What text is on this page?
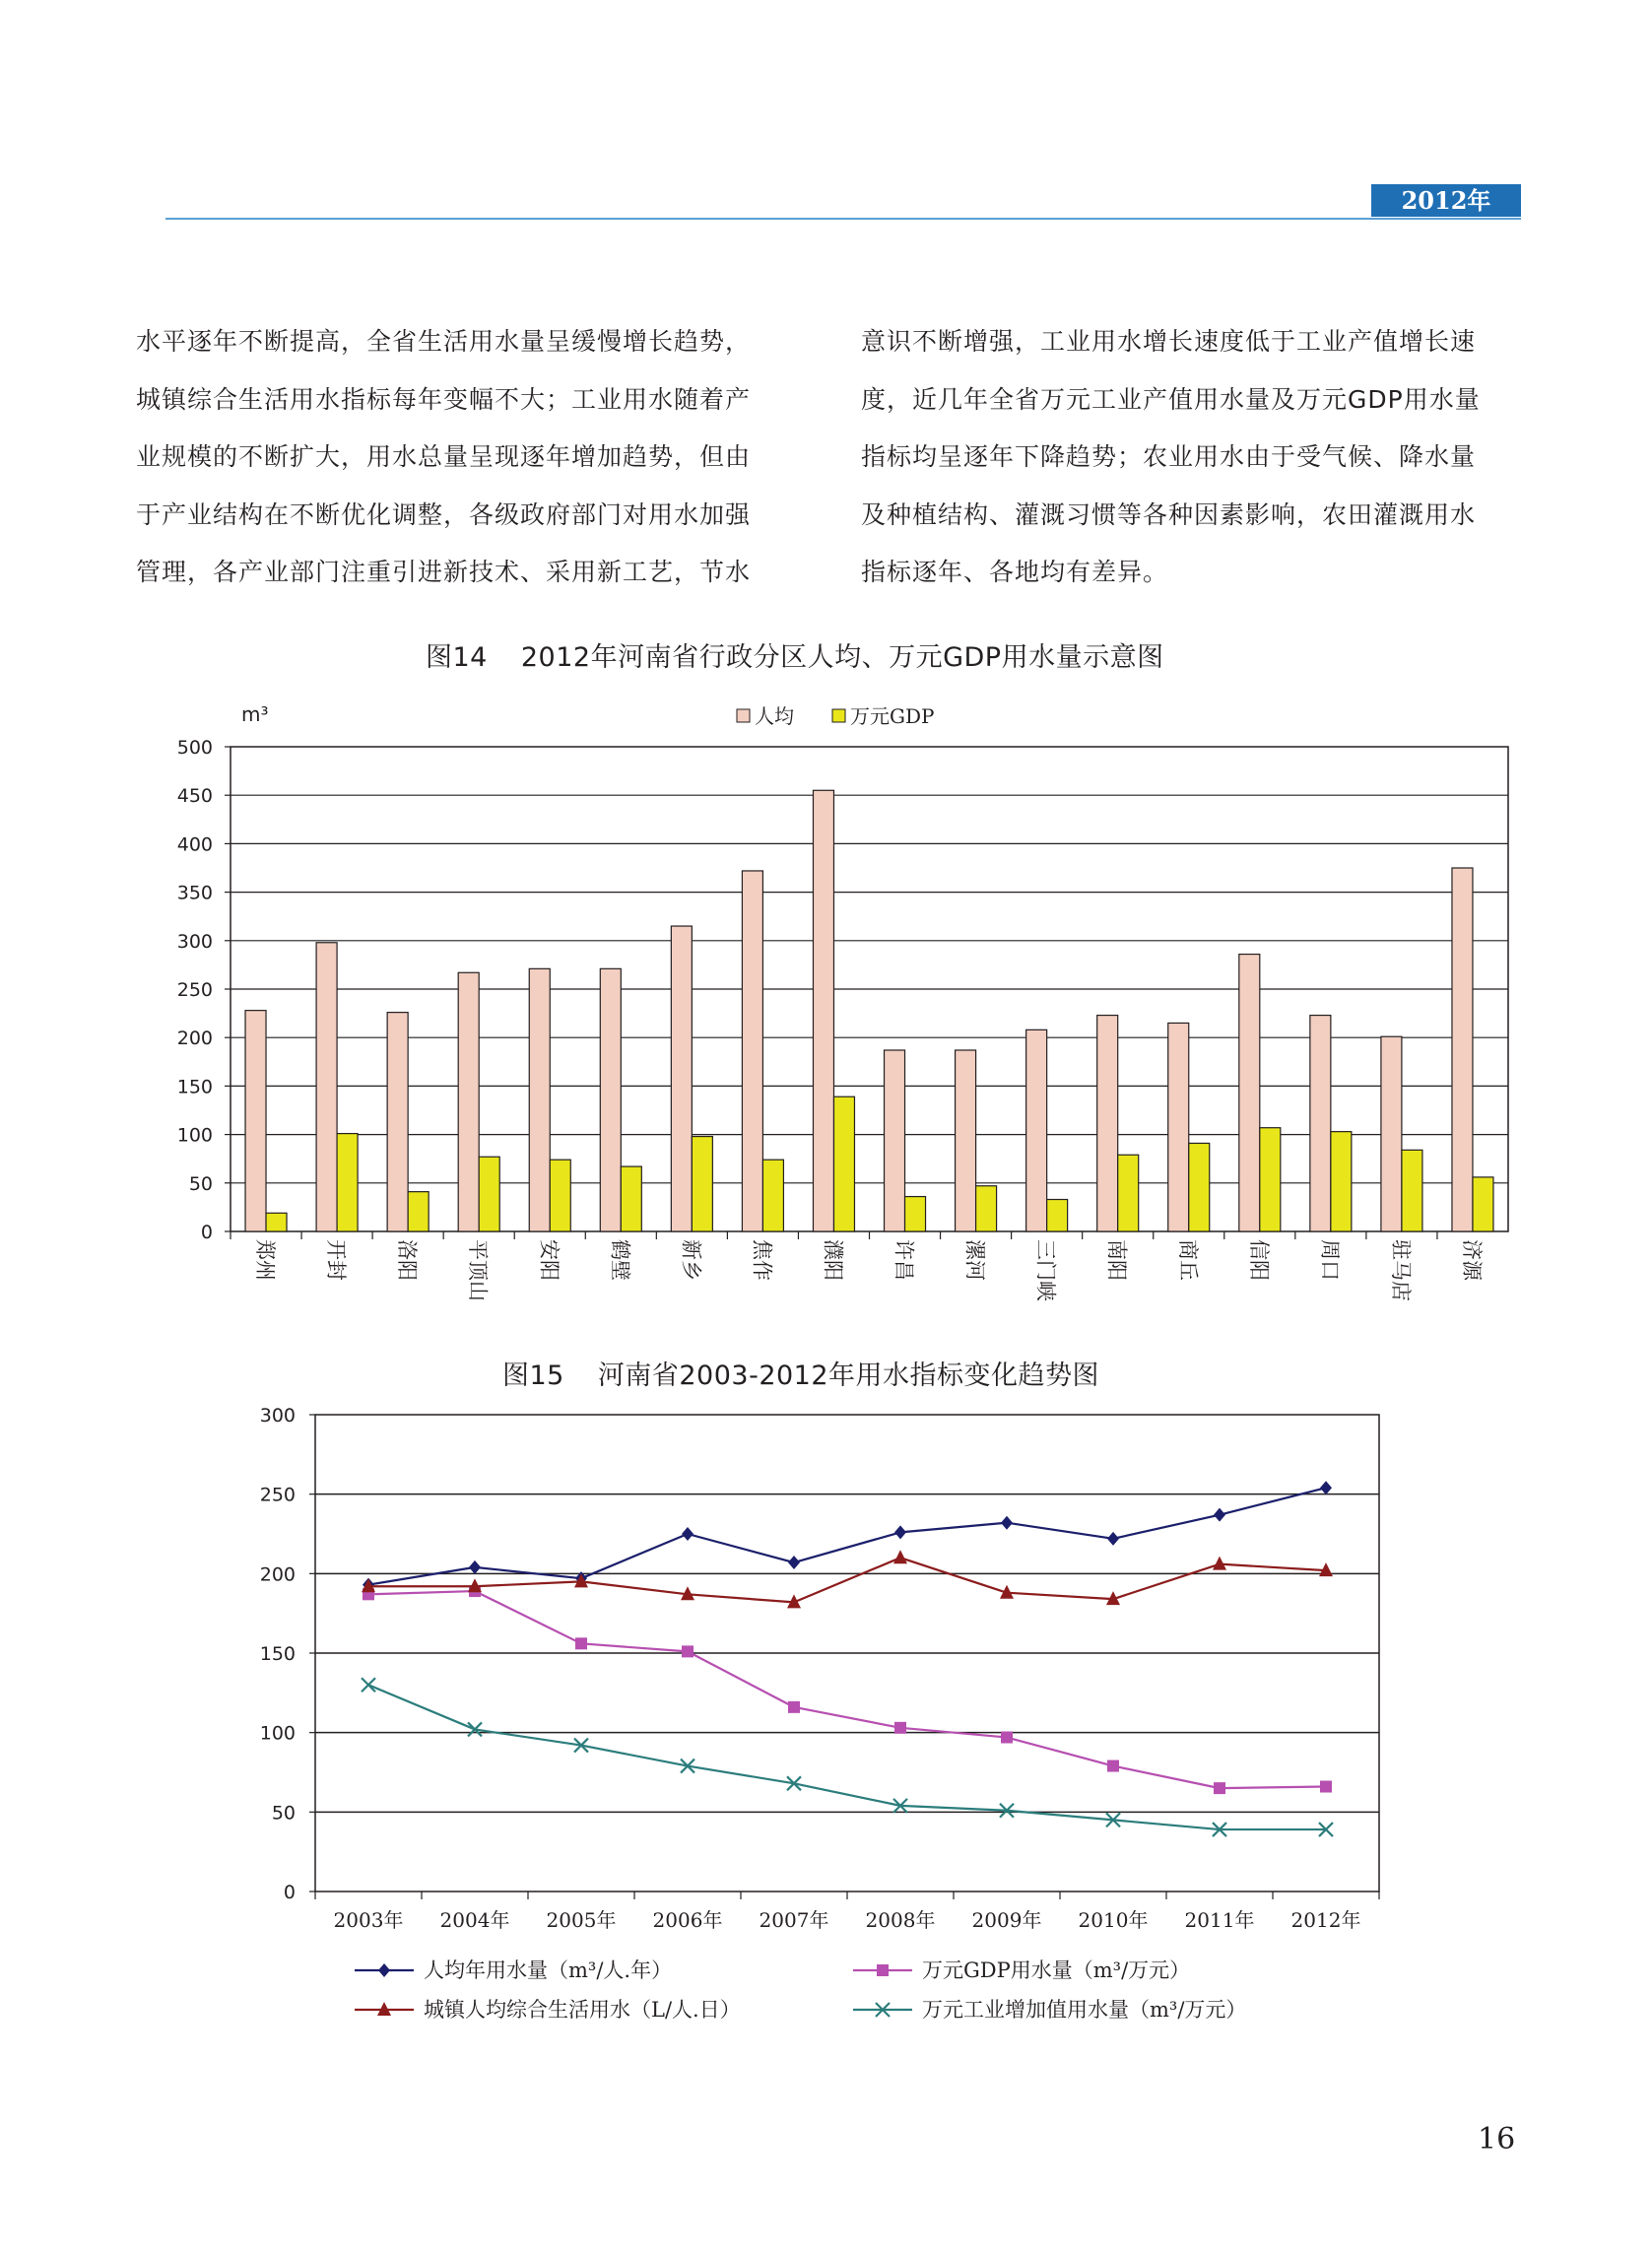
2012年

水平逐年不断提高，全省生活用水量呈缓慢增长趋势，

城镇综合生活用水指标每年变幅不大；工业用水随着产

业规模的不断扩大，用水总量呈现逐年增加趋势，但由

于产业结构在不断优化调整，各级政府部门对用水加强

管理，各产业部门注重引进新技术、采用新工艺，节水

意识不断增强，工业用水增长速度低于工业产值增长速

度，近几年全省万元工业产值用水量及万元GDP用水量

指标均呈逐年下降趋势；农业用水由于受气候、降水量

及种植结构、灌溉习惯等各种因素影响，农田灌溉用水

指标逐年、各地均有差异。

图14 2012年河南省行政分区人均、万元GDP用水量示意图
0
50
100
150
200
250
300
350
400
450
500
m³
郑州 开封 洛阳 平顶山 安阳 鹤壁 新乡 焦作 濮阳 许昌 漯河 三门峡 南阳 商丘 信阳 周口 驻马店 济源
人均	万元GDP
图15 河南省2003-2012年用水指标变化趋势图
0
50
100
150
200
250
300
2003年 2004年 2005年 2006年 2007年 2008年 2009年 2010年 2011年 2012年
人均年用水量（m³/人.年）	万元GDP用水量（m³/万元）
城镇人均综合生活用水（L/人.日）	万元工业增加值用水量（m³/万元）
16
